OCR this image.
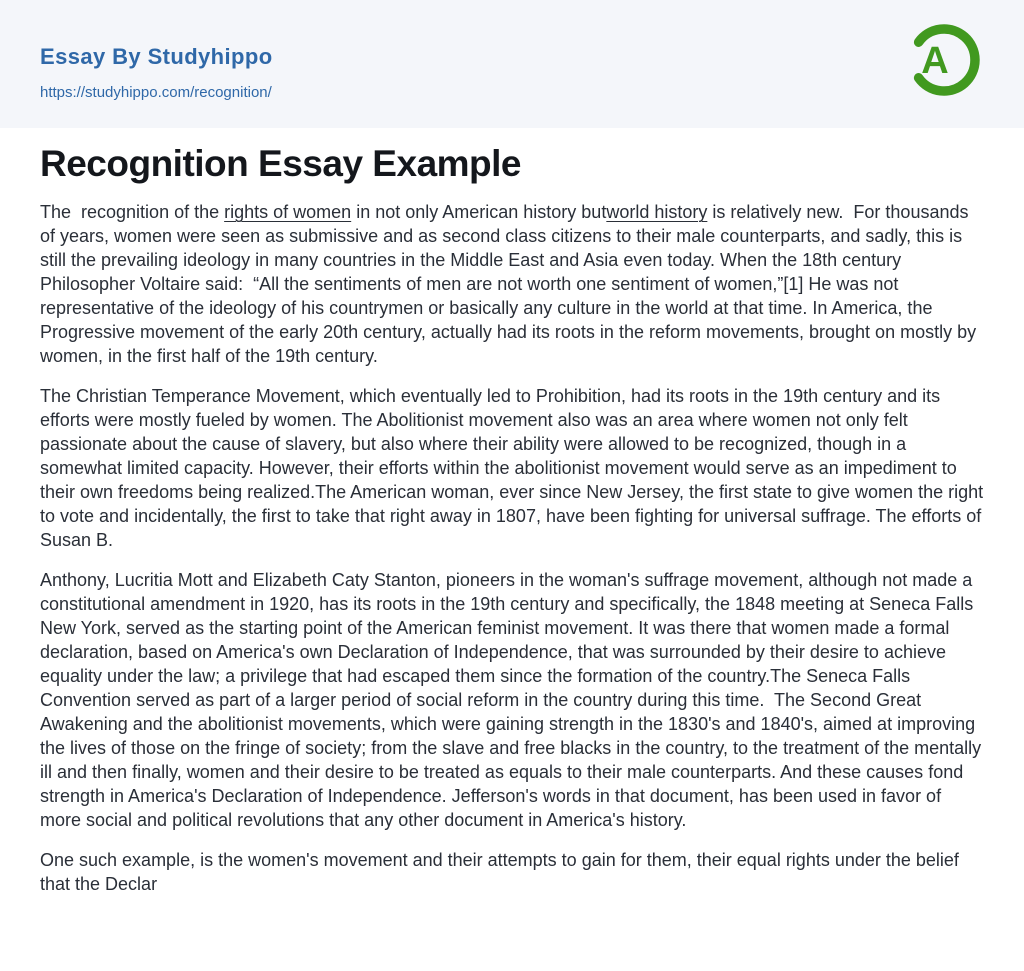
Essay By Studyhippo
https://studyhippo.com/recognition/
A
Recognition Essay Example

The  recognition of the rights of women in not only American history butworld history is relatively new.  For thousands of years, women were seen as submissive and as second class citizens to their male counterparts, and sadly, this is still the prevailing ideology in many countries in the Middle East and Asia even today. When the 18th century Philosopher Voltaire said:  “All the sentiments of men are not worth one sentiment of women,”[1] He was not representative of the ideology of his countrymen or basically any culture in the world at that time. In America, the Progressive movement of the early 20th century, actually had its roots in the reform movements, brought on mostly by women, in the first half of the 19th century.

The Christian Temperance Movement, which eventually led to Prohibition, had its roots in the 19th century and its efforts were mostly fueled by women. The Abolitionist movement also was an area where women not only felt passionate about the cause of slavery, but also where their ability were allowed to be recognized, though in a somewhat limited capacity. However, their efforts within the abolitionist movement would serve as an impediment to their own freedoms being realized.The American woman, ever since New Jersey, the first state to give women the right to vote and incidentally, the first to take that right away in 1807, have been fighting for universal suffrage. The efforts of Susan B.

Anthony, Lucritia Mott and Elizabeth Caty Stanton, pioneers in the woman's suffrage movement, although not made a constitutional amendment in 1920, has its roots in the 19th century and specifically, the 1848 meeting at Seneca Falls New York, served as the starting point of the American feminist movement. It was there that women made a formal declaration, based on America's own Declaration of Independence, that was surrounded by their desire to achieve equality under the law; a privilege that had escaped them since the formation of the country.The Seneca Falls Convention served as part of a larger period of social reform in the country during this time.  The Second Great Awakening and the abolitionist movements, which were gaining strength in the 1830's and 1840's, aimed at improving the lives of those on the fringe of society; from the slave and free blacks in the country, to the treatment of the mentally ill and then finally, women and their desire to be treated as equals to their male counterparts. And these causes fond strength in America's Declaration of Independence. Jefferson's words in that document, has been used in favor of more social and political revolutions that any other document in America's history.

One such example, is the women's movement and their attempts to gain for them, their equal rights under the belief that the Declar
